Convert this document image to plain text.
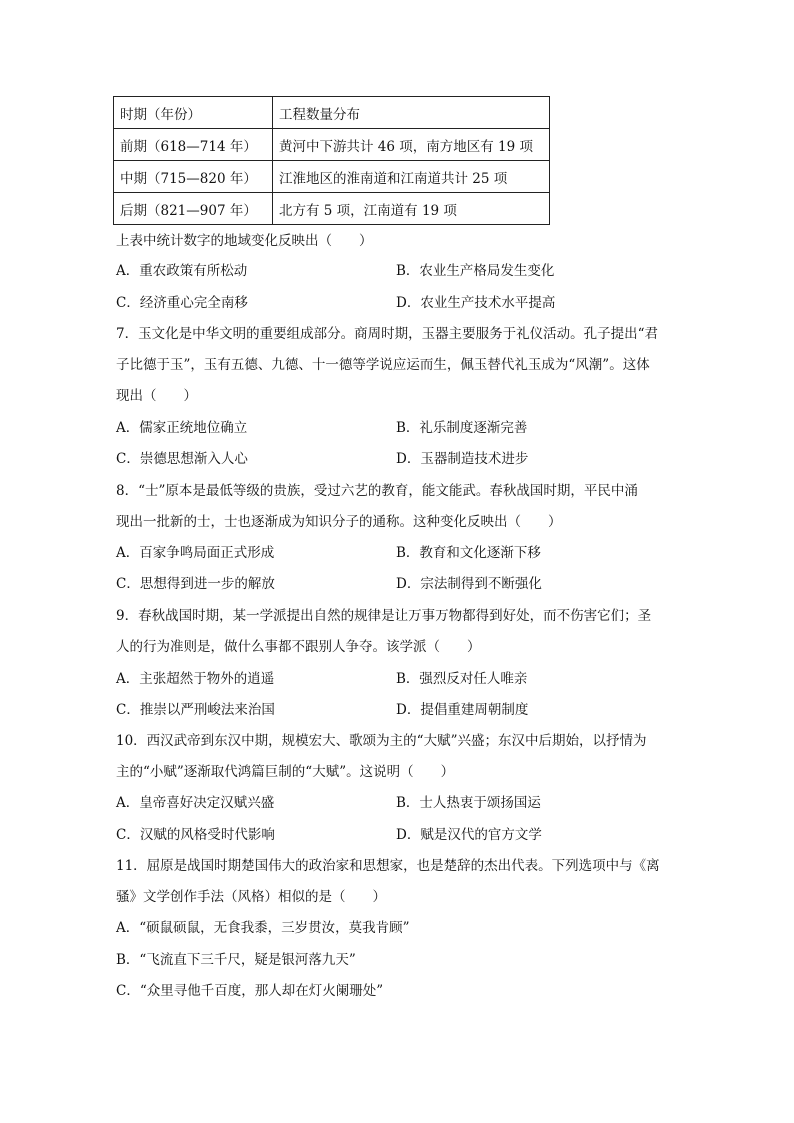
时期（年份）	工程数量分布
前期（618—714 年）	黄河中下游共计 46 项，南方地区有 19 项
中期（715—820 年）	江淮地区的淮南道和江南道共计 25 项
后期（821—907 年）	北方有 5 项，江南道有 19 项
上表中统计数字的地域变化反映出（　　）
A．重农政策有所松动	B．农业生产格局发生变化
C．经济重心完全南移	D．农业生产技术水平提高
7．玉文化是中华文明的重要组成部分。商周时期，玉器主要服务于礼仪活动。孔子提出“君
子比德于玉”，玉有五德、九德、十一德等学说应运而生，佩玉替代礼玉成为“风潮”。这体
现出（　　）
A．儒家正统地位确立	B．礼乐制度逐渐完善
C．崇德思想渐入人心	D．玉器制造技术进步
8．“士”原本是最低等级的贵族，受过六艺的教育，能文能武。春秋战国时期，平民中涌
现出一批新的士，士也逐渐成为知识分子的通称。这种变化反映出（　　）
A．百家争鸣局面正式形成	B．教育和文化逐渐下移
C．思想得到进一步的解放	D．宗法制得到不断强化
9．春秋战国时期，某一学派提出自然的规律是让万事万物都得到好处，而不伤害它们；圣
人的行为准则是，做什么事都不跟别人争夺。该学派（　　）
A．主张超然于物外的逍遥	B．强烈反对任人唯亲
C．推崇以严刑峻法来治国	D．提倡重建周朝制度
10．西汉武帝到东汉中期，规模宏大、歌颂为主的“大赋”兴盛；东汉中后期始，以抒情为
主的“小赋”逐渐取代鸿篇巨制的“大赋”。这说明（　　）
A．皇帝喜好决定汉赋兴盛	B．士人热衷于颂扬国运
C．汉赋的风格受时代影响	D．赋是汉代的官方文学
11．屈原是战国时期楚国伟大的政治家和思想家，也是楚辞的杰出代表。下列选项中与《离
骚》文学创作手法（风格）相似的是（　　）
A．“硕鼠硕鼠，无食我黍，三岁贯汝，莫我肯顾”
B．“飞流直下三千尺，疑是银河落九天”
C．“众里寻他千百度，那人却在灯火阑珊处”
